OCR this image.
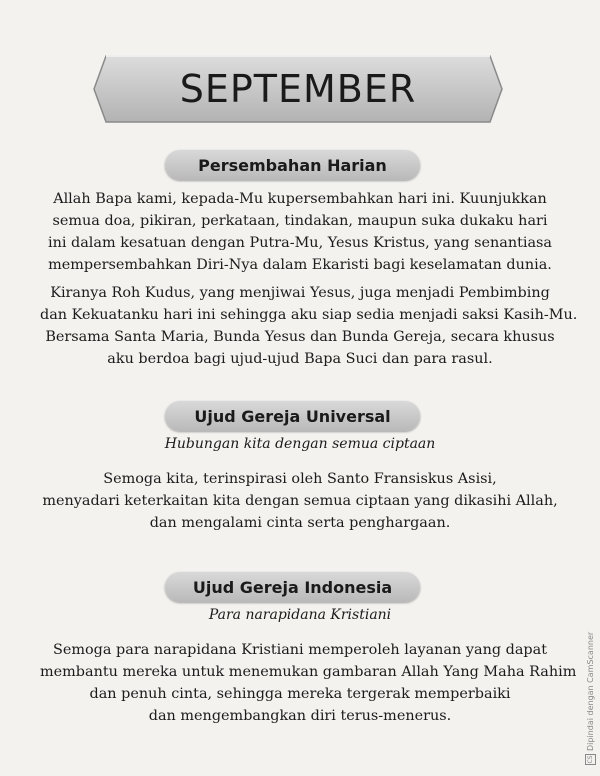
SEPTEMBER
Persembahan Harian
Allah Bapa kami, kepada-Mu kupersembahkan hari ini. Kuunjukkan
semua doa, pikiran, perkataan, tindakan, maupun suka dukaku hari
ini dalam kesatuan dengan Putra-Mu, Yesus Kristus, yang senantiasa
mempersembahkan Diri-Nya dalam Ekaristi bagi keselamatan dunia.
Kiranya Roh Kudus, yang menjiwai Yesus, juga menjadi Pembimbing
dan Kekuatanku hari ini sehingga aku siap sedia menjadi saksi Kasih-Mu.
Bersama Santa Maria, Bunda Yesus dan Bunda Gereja, secara khusus
aku berdoa bagi ujud-ujud Bapa Suci dan para rasul.
Ujud Gereja Universal
Hubungan kita dengan semua ciptaan
Semoga kita, terinspirasi oleh Santo Fransiskus Asisi,
menyadari keterkaitan kita dengan semua ciptaan yang dikasihi Allah,
dan mengalami cinta serta penghargaan.
Ujud Gereja Indonesia
Para narapidana Kristiani
Semoga para narapidana Kristiani memperoleh layanan yang dapat
membantu mereka untuk menemukan gambaran Allah Yang Maha Rahim
dan penuh cinta, sehingga mereka tergerak memperbaiki
dan mengembangkan diri terus-menerus.
CSDipindai dengan CamScanner
